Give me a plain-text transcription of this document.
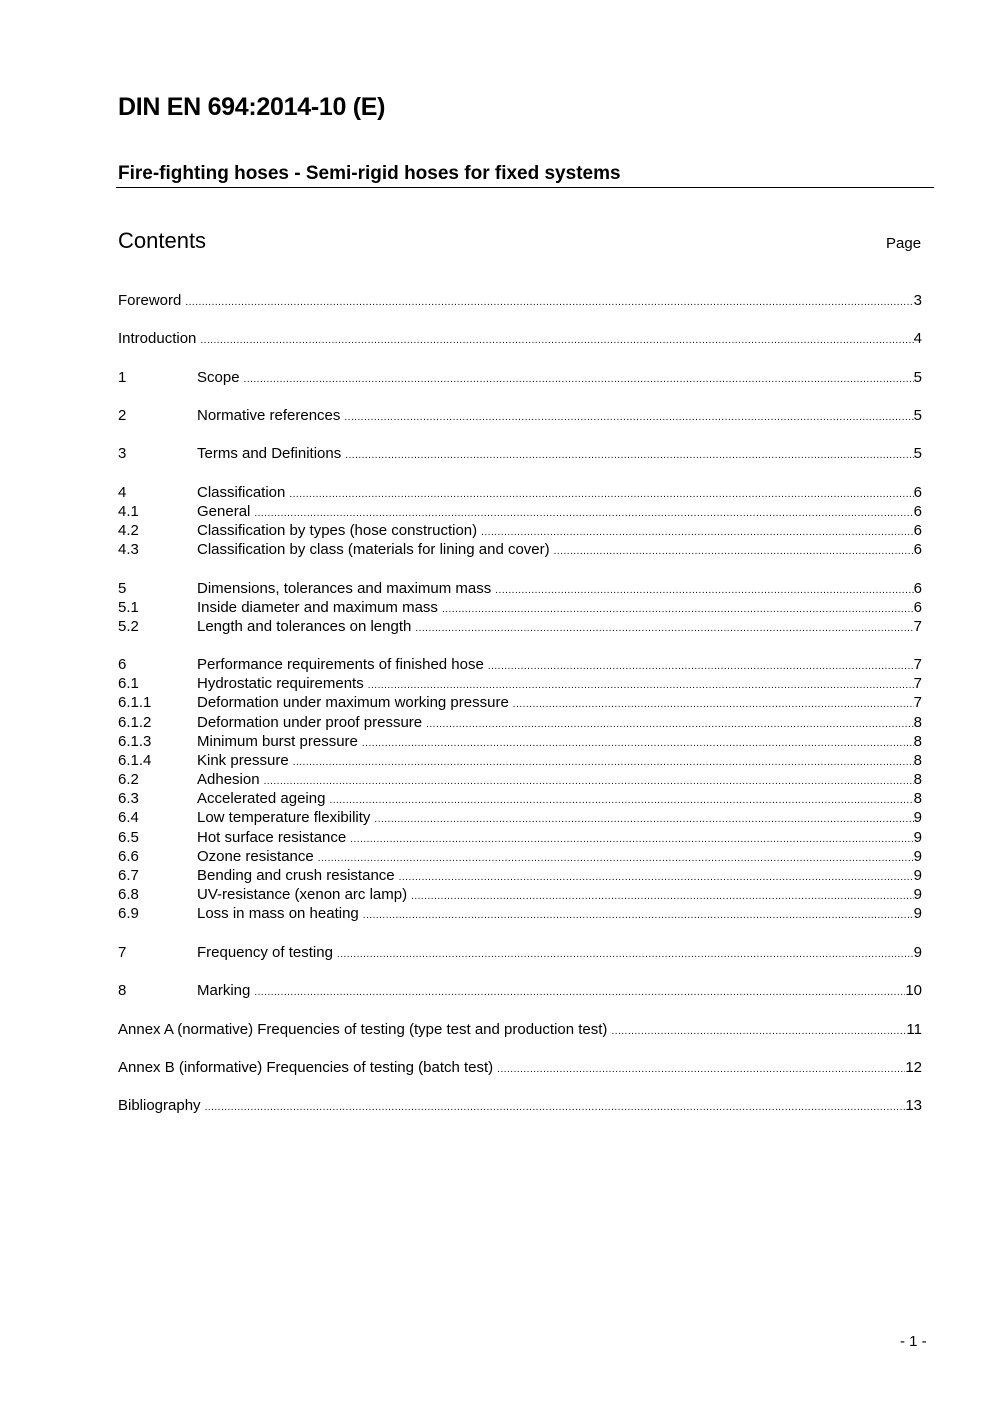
DIN EN 694:2014-10 (E)
Fire-fighting hoses - Semi-rigid hoses for fixed systems
Contents	Page
Foreword .....	3
Introduction .....	4
1	Scope .....	5
2	Normative references .....	5
3	Terms and Definitions .....	5
4	Classification .....	6
4.1	General .....	6
4.2	Classification by types (hose construction) .....	6
4.3	Classification by class (materials for lining and cover) .....	6
5	Dimensions, tolerances and maximum mass .....	6
5.1	Inside diameter and maximum mass .....	6
5.2	Length and tolerances on length .....	7
6	Performance requirements of finished hose .....	7
6.1	Hydrostatic requirements .....	7
6.1.1	Deformation under maximum working pressure .....	7
6.1.2	Deformation under proof pressure .....	8
6.1.3	Minimum burst pressure .....	8
6.1.4	Kink pressure .....	8
6.2	Adhesion .....	8
6.3	Accelerated ageing .....	8
6.4	Low temperature flexibility .....	9
6.5	Hot surface resistance .....	9
6.6	Ozone resistance .....	9
6.7	Bending and crush resistance .....	9
6.8	UV-resistance (xenon arc lamp) .....	9
6.9	Loss in mass on heating .....	9
7	Frequency of testing .....	9
8	Marking .....	10
Annex A (normative) Frequencies of testing (type test and production test) .....	11
Annex B (informative) Frequencies of testing (batch test) .....	12
Bibliography .....	13
- 1 -
